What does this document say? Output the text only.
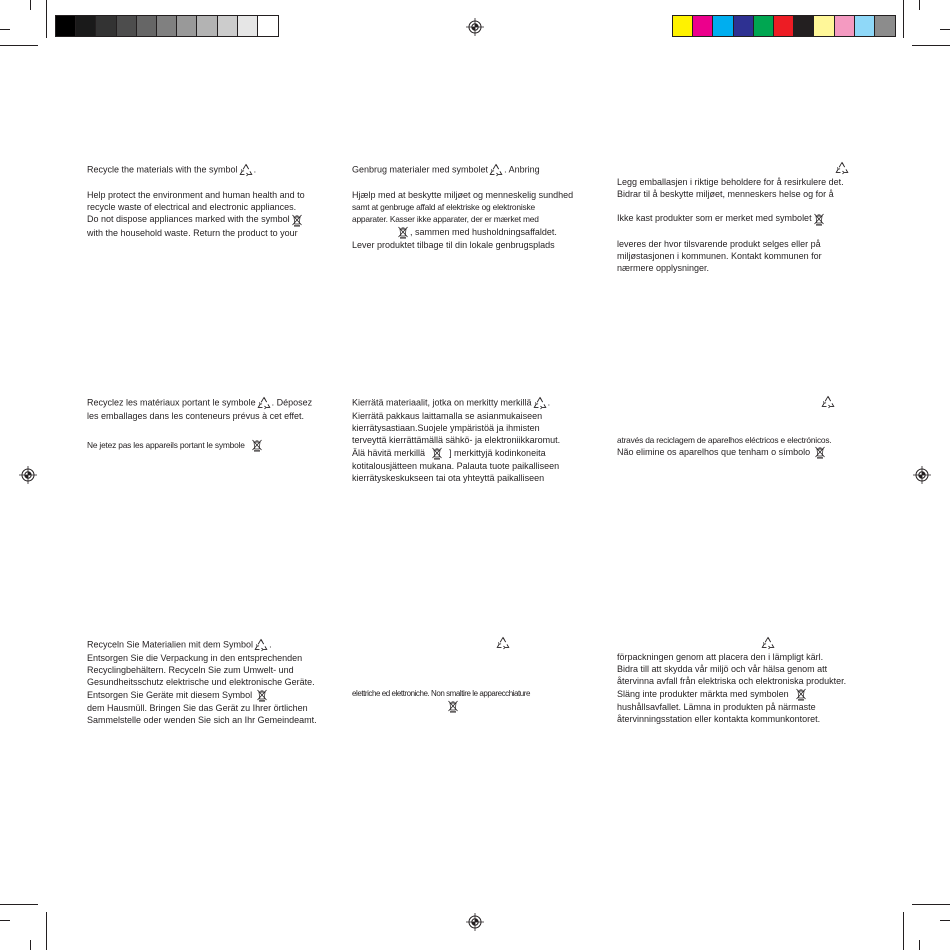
Recycle the materials with the symbol .
Help protect the environment and human health and to
recycle waste of electrical and electronic appliances.
Do not dispose appliances marked with the symbol
with the household waste. Return the product to your
Genbrug materialer med symbolet . Anbring
Hjælp med at beskytte miljøet og menneskelig sundhed
samt at genbruge affald af elektriske og elektroniske
apparater. Kasser ikke apparater, der er mærket med
, sammen med husholdningsaffaldet.
Lever produktet tilbage til din lokale genbrugsplads
Legg emballasjen i riktige beholdere for å resirkulere det.
Bidrar til å beskytte miljøet, menneskers helse og for å
Ikke kast produkter som er merket med symbolet
leveres der hvor tilsvarende produkt selges eller på
miljøstasjonen i kommunen. Kontakt kommunen for
nærmere opplysninger.
Recyclez les matériaux portant le symbole . Déposez
les emballages dans les conteneurs prévus à cet effet.
Ne jetez pas les appareils portant le symbole
Kierrätä materiaalit, jotka on merkitty merkillä .
Kierrätä pakkaus laittamalla se asianmukaiseen
kierrätysastiaan.Suojele ympäristöä ja ihmisten
terveyttä kierrättämällä sähkö- ja elektroniikkaromut.
Älä hävitä merkillä	] merkittyjä kodinkoneita
kotitalousjätteen mukana. Palauta tuote paikalliseen
kierrätyskeskukseen tai ota yhteyttä paikalliseen
através da reciclagem de aparelhos eléctricos e electrónicos.
Não elimine os aparelhos que tenham o símbolo
Recyceln Sie Materialien mit dem Symbol .
Entsorgen Sie die Verpackung in den entsprechenden
Recyclingbehältern. Recyceln Sie zum Umwelt- und
Gesundheitsschutz elektrische und elektronische Geräte.
Entsorgen Sie Geräte mit diesem Symbol
dem Hausmüll. Bringen Sie das Gerät zu Ihrer örtlichen
Sammelstelle oder wenden Sie sich an Ihr Gemeindeamt.
elettriche ed elettroniche. Non smaltire le apparecchiature
förpackningen genom att placera den i lämpligt kärl.
Bidra till att skydda vår miljö och vår hälsa genom att
återvinna avfall från elektriska och elektroniska produkter.
Släng inte produkter märkta med symbolen
hushållsavfallet. Lämna in produkten på närmaste
återvinningsstation eller kontakta kommunkontoret.
